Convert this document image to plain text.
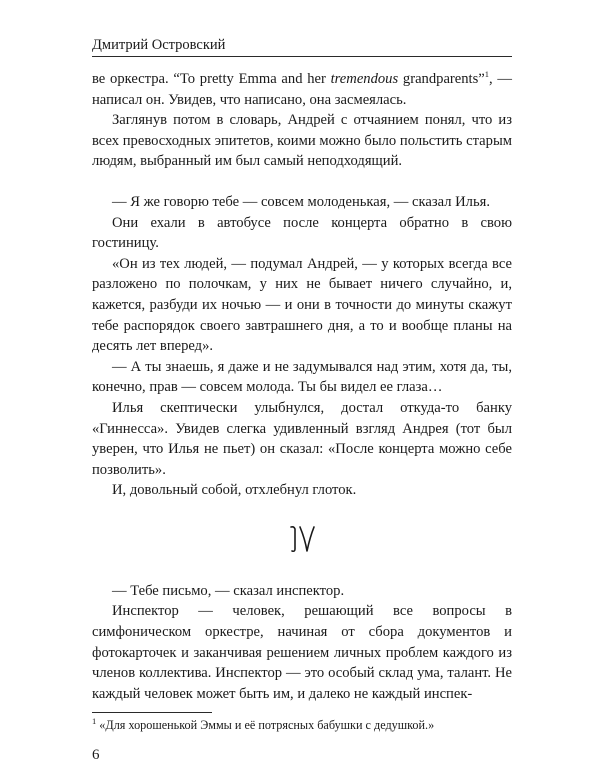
Дмитрий Островский

ве оркестра. “To pretty Emma and her tremendous grandparents”$^1$, — написал он. Увидев, что написано, она засмеялась.

Заглянув потом в словарь, Андрей с отчаянием понял, что из всех превосходных эпитетов, коими можно было польстить старым людям, выбранный им был самый неподходящий.

— Я же говорю тебе — совсем молоденькая, — сказал Илья.

Они ехали в автобусе после концерта обратно в свою гостиницу.

«Он из тех людей, — подумал Андрей, — у которых всегда все разложено по полочкам, у них не бывает ничего случайно, и, кажется, разбуди их ночью — и они в точности до минуты скажут тебе распорядок своего завтрашнего дня, а то и вообще планы на десять лет вперед».

— А ты знаешь, я даже и не задумывался над этим, хотя да, ты, конечно, прав — совсем молода. Ты бы видел ее глаза…

Илья скептически улыбнулся, достал откуда-то банку «Гиннесса». Увидев слегка удивленный взгляд Андрея (тот был уверен, что Илья не пьет) он сказал: «После концерта можно себе позволить».

И, довольный собой, отхлебнул глоток.

— Тебе письмо, — сказал инспектор.

Инспектор — человек, решающий все вопросы в симфоническом оркестре, начиная от сбора документов и фотокарточек и заканчивая решением личных проблем каждого из членов коллектива. Инспектор — это особый склад ума, талант. Не каждый человек может быть им, и далеко не каждый инспек-

$^1$ «Для хорошенькой Эммы и её потрясных бабушки с дедушкой.»

6
